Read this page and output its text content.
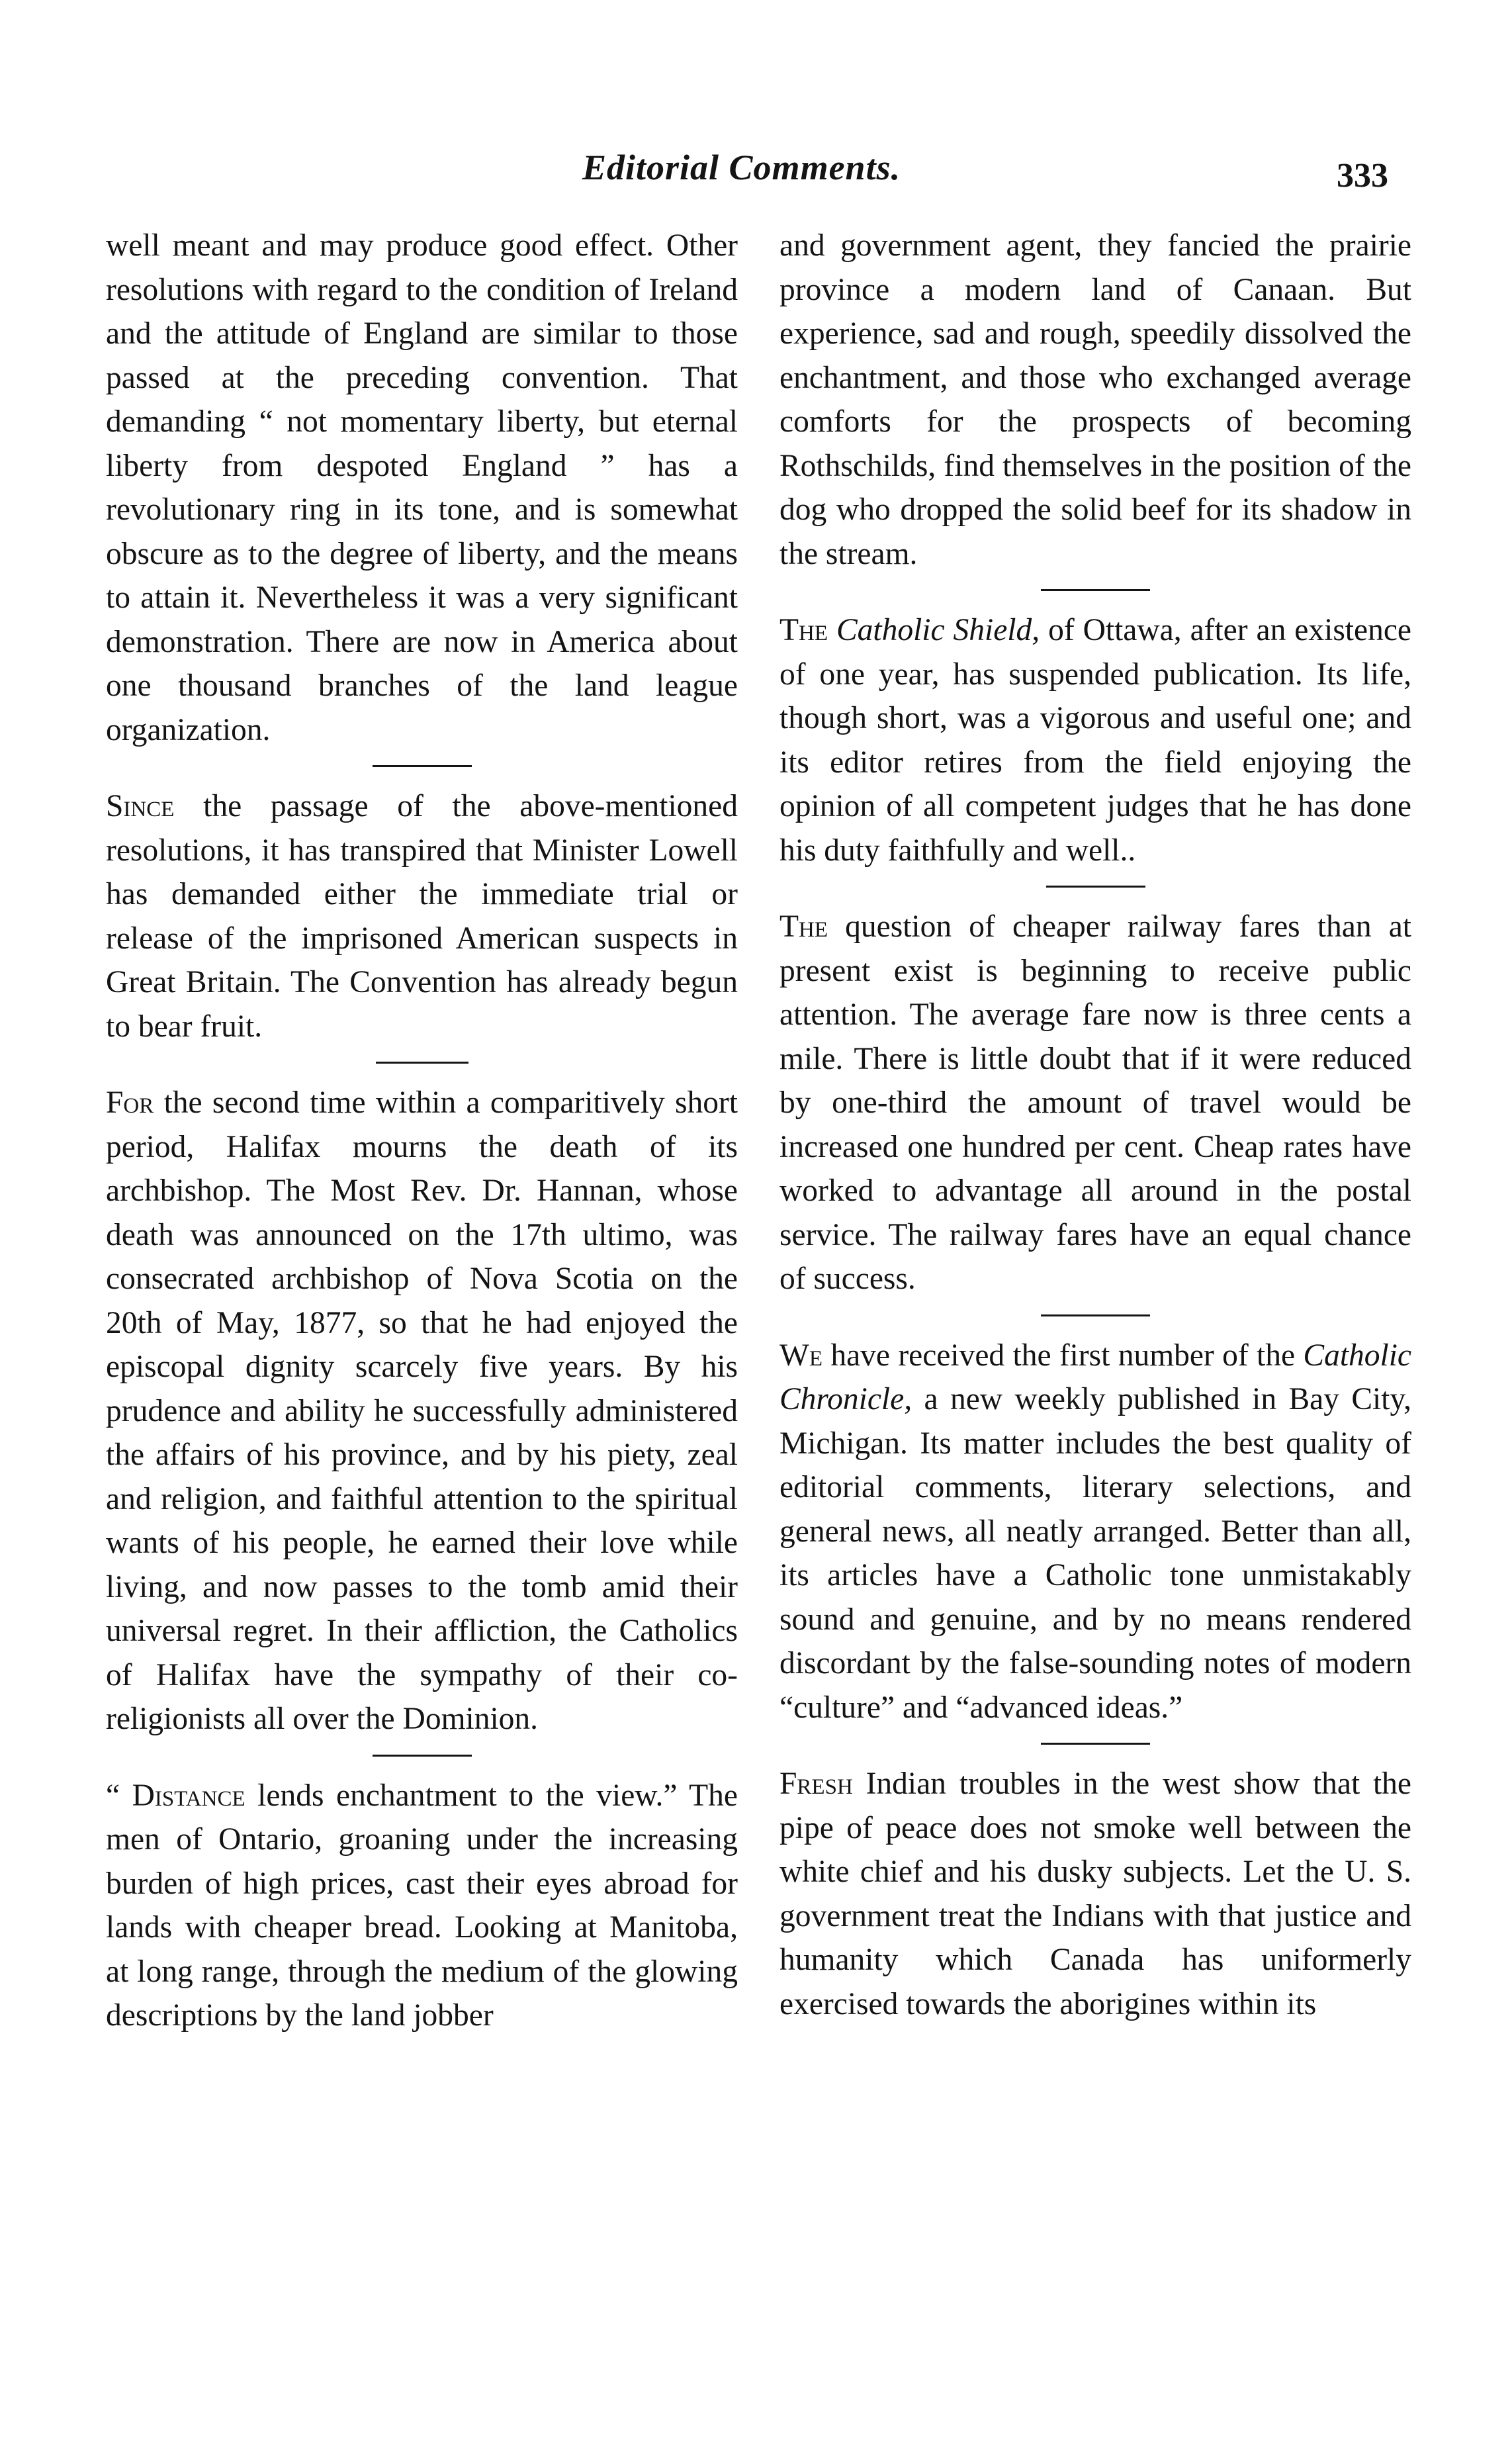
Editorial Comments.	333

well meant and may produce good effect. Other resolutions with regard to the condition of Ireland and the attitude of England are similar to those passed at the preceding convention. That demanding “ not momentary liberty, but eternal liberty from despoted England ” has a revolutionary ring in its tone, and is somewhat obscure as to the degree of liberty, and the means to attain it. Nevertheless it was a very significant demonstration. There are now in America about one thousand branches of the land league organization.

Since the passage of the above-mentioned resolutions, it has transpired that Minister Lowell has demanded either the immediate trial or release of the imprisoned American suspects in Great Britain. The Convention has already begun to bear fruit.

For the second time within a comparitively short period, Halifax mourns the death of its archbishop. The Most Rev. Dr. Hannan, whose death was announced on the 17th ultimo, was consecrated archbishop of Nova Scotia on the 20th of May, 1877, so that he had enjoyed the episcopal dignity scarcely five years. By his prudence and ability he successfully administered the affairs of his province, and by his piety, zeal and religion, and faithful attention to the spiritual wants of his people, he earned their love while living, and now passes to the tomb amid their universal regret. In their affliction, the Catholics of Halifax have the sympathy of their co-religionists all over the Dominion.

“ Distance lends enchantment to the view.” The men of Ontario, groaning under the increasing burden of high prices, cast their eyes abroad for lands with cheaper bread. Looking at Manitoba, at long range, through the medium of the glowing descriptions by the land jobber

and government agent, they fancied the prairie province a modern land of Canaan. But experience, sad and rough, speedily dissolved the enchantment, and those who exchanged average comforts for the prospects of becoming Rothschilds, find themselves in the position of the dog who dropped the solid beef for its shadow in the stream.

The Catholic Shield, of Ottawa, after an existence of one year, has suspended publication. Its life, though short, was a vigorous and useful one; and its editor retires from the field enjoying the opinion of all competent judges that he has done his duty faithfully and well..

The question of cheaper railway fares than at present exist is beginning to receive public attention. The average fare now is three cents a mile. There is little doubt that if it were reduced by one-third the amount of travel would be increased one hundred per cent. Cheap rates have worked to advantage all around in the postal service. The railway fares have an equal chance of success.

We have received the first number of the Catholic Chronicle, a new weekly published in Bay City, Michigan. Its matter includes the best quality of editorial comments, literary selections, and general news, all neatly arranged. Better than all, its articles have a Catholic tone unmistakably sound and genuine, and by no means rendered discordant by the false-sounding notes of modern “culture” and “advanced ideas.”

Fresh Indian troubles in the west show that the pipe of peace does not smoke well between the white chief and his dusky subjects. Let the U. S. government treat the Indians with that justice and humanity which Canada has uniformerly exercised towards the aborigines within its
